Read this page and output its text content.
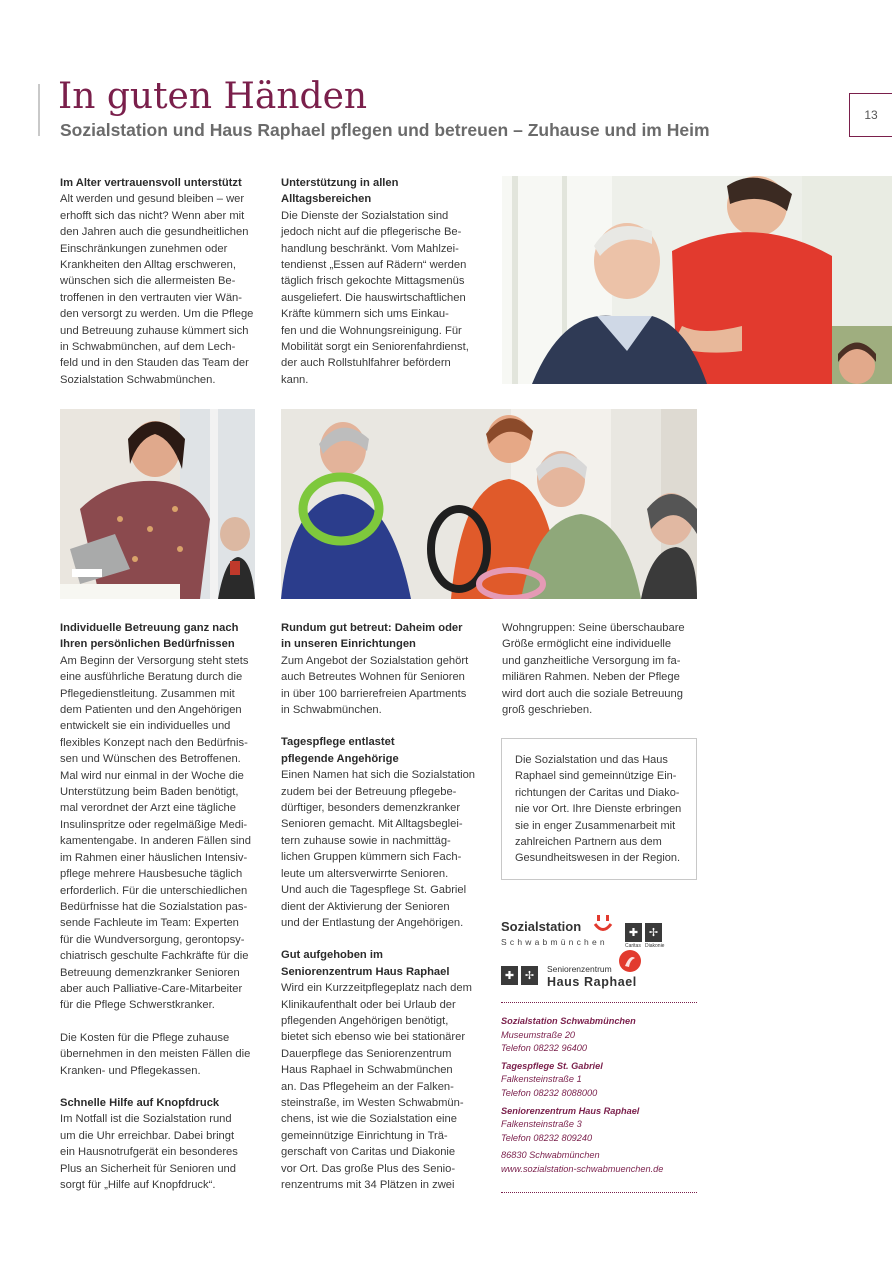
In guten Händen
Sozialstation und Haus Raphael pflegen und betreuen – Zuhause und im Heim
13

Im Alter vertrauensvoll unterstützt

Alt werden und gesund bleiben – wer

erhofft sich das nicht? Wenn aber mit

den Jahren auch die gesundheitlichen

Einschränkungen zunehmen oder

Krankheiten den Alltag erschweren,

wünschen sich die allermeisten Be-

troffenen in den vertrauten vier Wän-

den versorgt zu werden. Um die Pflege

und Betreuung zuhause kümmert sich

in Schwabmünchen, auf dem Lech-

feld und in den Stauden das Team der

Sozialstation Schwabmünchen.

Unterstützung in allen

Alltagsbereichen

Die Dienste der Sozialstation sind

jedoch nicht auf die pflegerische Be-

handlung beschränkt. Vom Mahlzei-

tendienst „Essen auf Rädern“ werden

täglich frisch gekochte Mittagsmenüs

ausgeliefert. Die hauswirtschaftlichen

Kräfte kümmern sich ums Einkau-

fen und die Wohnungsreinigung. Für

Mobilität sorgt ein Seniorenfahrdienst,

der auch Rollstuhlfahrer befördern

kann.

Individuelle Betreuung ganz nach

Ihren persönlichen Bedürfnissen

Am Beginn der Versorgung steht stets

eine ausführliche Beratung durch die

Pflegedienstleitung. Zusammen mit

dem Patienten und den Angehörigen

entwickelt sie ein individuelles und

flexibles Konzept nach den Bedürfnis-

sen und Wünschen des Betroffenen.

Mal wird nur einmal in der Woche die

Unterstützung beim Baden benötigt,

mal verordnet der Arzt eine tägliche

Insulinspritze oder regelmäßige Medi-

kamentengabe. In anderen Fällen sind

im Rahmen einer häuslichen Intensiv-

pflege mehrere Hausbesuche täglich

erforderlich. Für die unterschiedlichen

Bedürfnisse hat die Sozialstation pas-

sende Fachleute im Team: Experten

für die Wundversorgung, gerontopsy-

chiatrisch geschulte Fachkräfte für die

Betreuung demenzkranker Senioren

aber auch Palliative-Care-Mitarbeiter

für die Pflege Schwerstkranker.

Die Kosten für die Pflege zuhause

übernehmen in den meisten Fällen die

Kranken- und Pflegekassen.

Schnelle Hilfe auf Knopfdruck

Im Notfall ist die Sozialstation rund

um die Uhr erreichbar. Dabei bringt

ein Hausnotrufgerät ein besonderes

Plus an Sicherheit für Senioren und

sorgt für „Hilfe auf Knopfdruck“.

Rundum gut betreut: Daheim oder

in unseren Einrichtungen

Zum Angebot der Sozialstation gehört

auch Betreutes Wohnen für Senioren

in über 100 barrierefreien Apartments

in Schwabmünchen.

Tagespflege entlastet

pflegende Angehörige

Einen Namen hat sich die Sozialstation

zudem bei der Betreuung pflegebe-

dürftiger, besonders demenzkranker

Senioren gemacht. Mit Alltagsbeglei-

tern zuhause sowie in nachmittäg-

lichen Gruppen kümmern sich Fach-

leute um altersverwirrte Senioren.

Und auch die Tagespflege St. Gabriel

dient der Aktivierung der Senioren

und der Entlastung der Angehörigen.

Gut aufgehoben im

Seniorenzentrum Haus Raphael

Wird ein Kurzzeitpflegeplatz nach dem

Klinikaufenthalt oder bei Urlaub der

pflegenden Angehörigen benötigt,

bietet sich ebenso wie bei stationärer

Dauerpflege das Seniorenzentrum

Haus Raphael in Schwabmünchen

an. Das Pflegeheim an der Falken-

steinstraße, im Westen Schwabmün-

chens, ist wie die Sozialstation eine

gemeinnützige Einrichtung in Trä-

gerschaft von Caritas und Diakonie

vor Ort. Das große Plus des Senio-

renzentrums mit 34 Plätzen in zwei

Wohngruppen: Seine überschaubare

Größe ermöglicht eine individuelle

und ganzheitliche Versorgung im fa-

miliären Rahmen. Neben der Pflege

wird dort auch die soziale Betreuung

groß geschrieben.

Die Sozialstation und das Haus

Raphael sind gemeinnützige Ein-

richtungen der Caritas und Diako-

nie vor Ort. Ihre Dienste erbringen

sie in enger Zusammenarbeit mit

zahlreichen Partnern aus dem

Gesundheitswesen in der Region.

Sozialstation
Schwabmünchen
✚ ✢
Caritas Diakonie
✚ ✢
Seniorenzentrum
Haus Raphael

Sozialstation Schwabmünchen

Museumstraße 20

Telefon 08232 96400

Tagespflege St. Gabriel

Falkensteinstraße 1

Telefon 08232 8088000

Seniorenzentrum Haus Raphael

Falkensteinstraße 3

Telefon 08232 809240

86830 Schwabmünchen

www.sozialstation-schwabmuenchen.de
